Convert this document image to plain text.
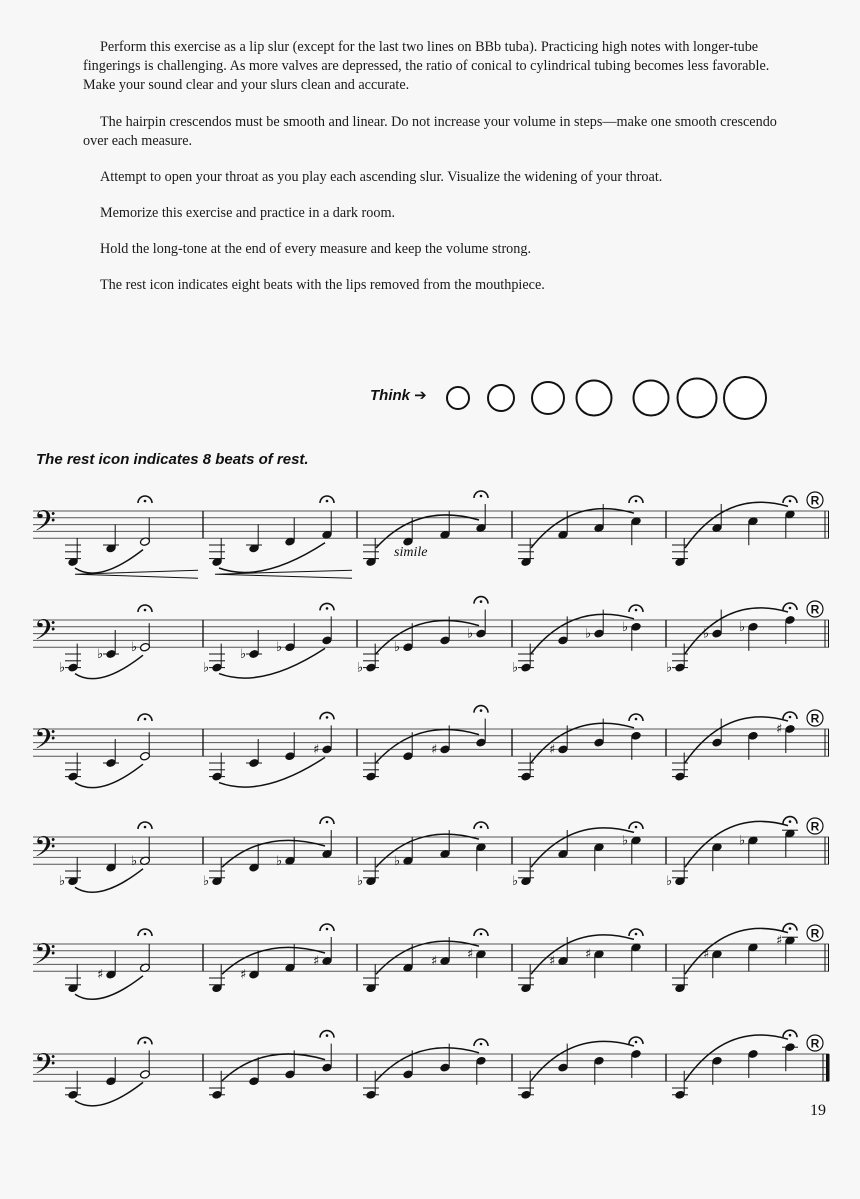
Perform this exercise as a lip slur (except for the last two lines on BBb tuba). Practicing high notes with longer-tube fingerings is challenging. As more valves are depressed, the ratio of conical to cylindrical tubing becomes less favorable. Make your sound clear and your slurs clean and accurate.

The hairpin crescendos must be smooth and linear. Do not increase your volume in steps—make one smooth crescendo over each measure.

Attempt to open your throat as you play each ascending slur. Visualize the widening of your throat.

Memorize this exercise and practice in a dark room.

Hold the long-tone at the end of every measure and keep the volume strong.

The rest icon indicates eight beats with the lips removed from the mouthpiece.

Think ➔
The rest icon indicates 8 beats of rest.
19
𝄢
simile
R
𝄢
♭
♭ ♭
♭
♭ ♭
♭
♭
♭
♭
♭ ♭
♭
♭ ♭
R
𝄢	♯	♯	♯
♯
R
𝄢
♭
♭
♭
♭
♭
♭
♭
♭
♭
♭
R
𝄢	♯	♯
♯	♯ ♯	♯ ♯	♯
♯
R
𝄢
R
